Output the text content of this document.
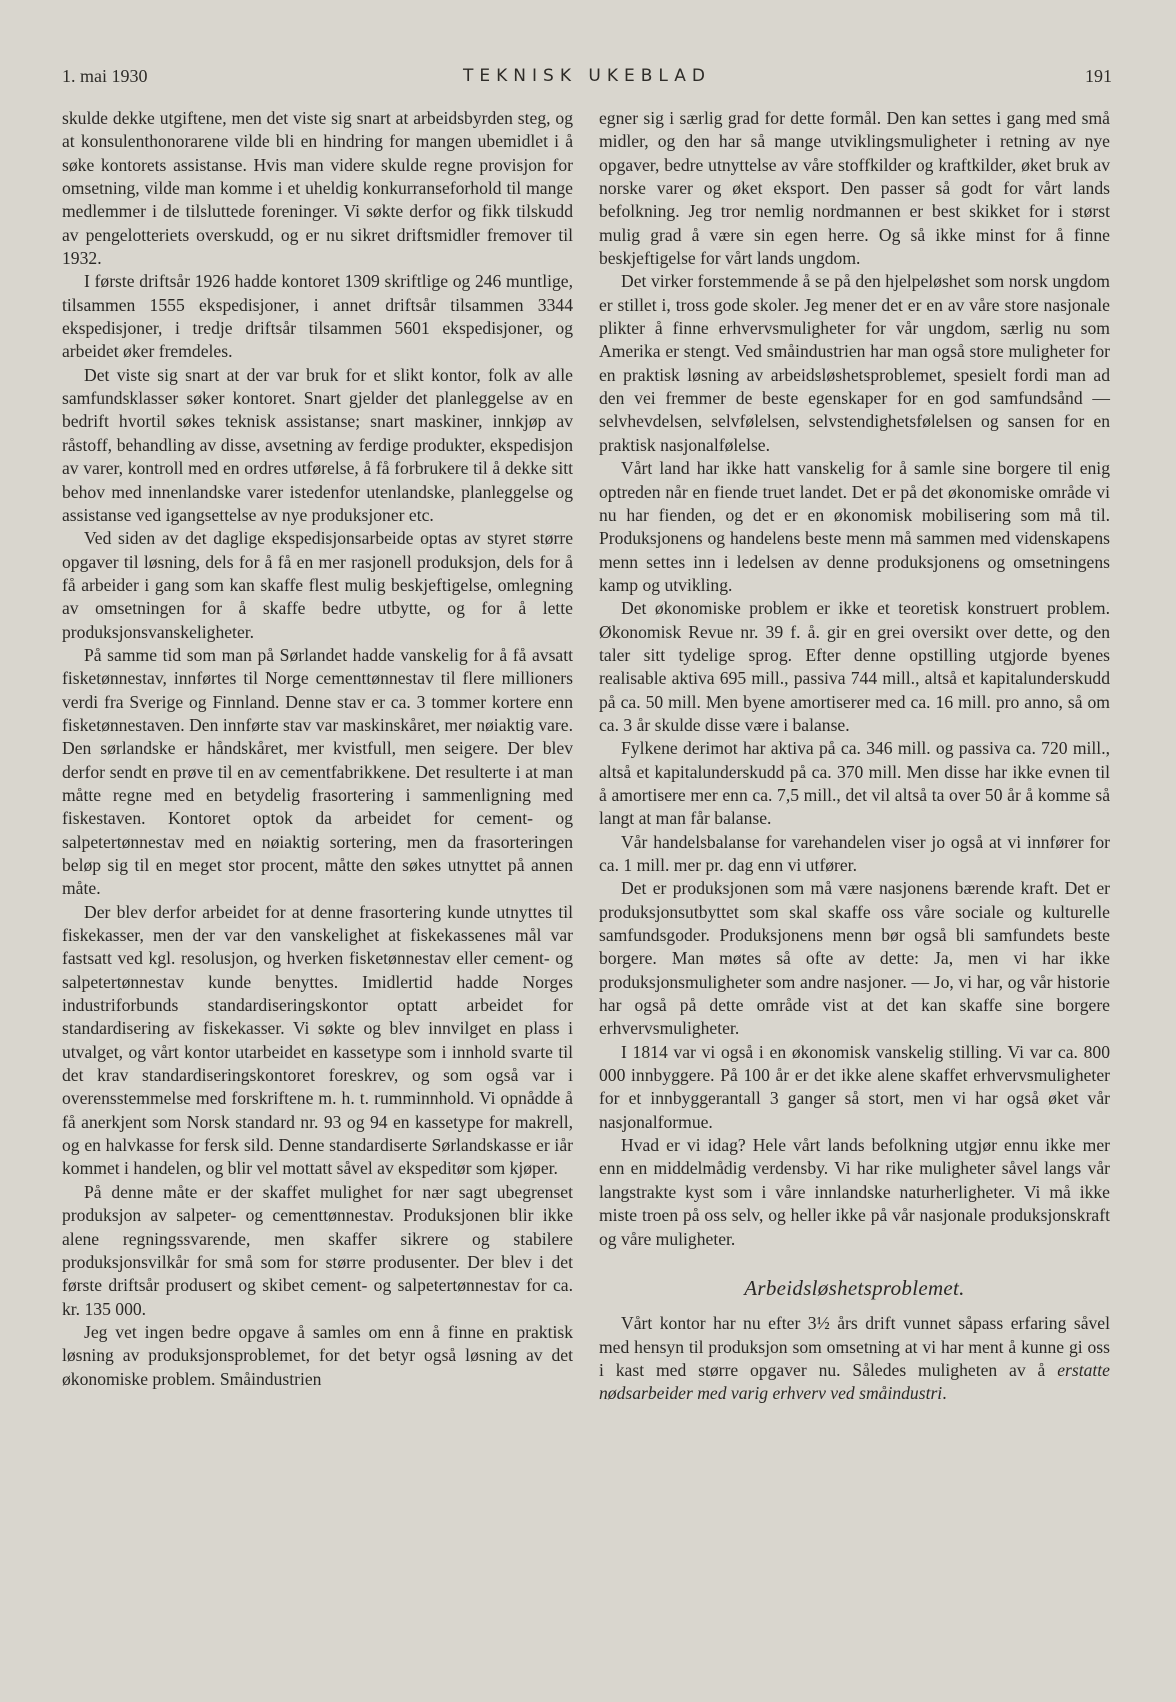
1. mai 1930	TEKNISK UKEBLAD	191

skulde dekke utgiftene, men det viste sig snart at arbeidsbyrden steg, og at konsulenthonorarene vilde bli en hindring for mangen ubemidlet i å søke kontorets assistanse. Hvis man videre skulde regne provisjon for omsetning, vilde man komme i et uheldig konkurranseforhold til mange medlemmer i de tilsluttede foreninger. Vi søkte derfor og fikk tilskudd av pengelotteriets overskudd, og er nu sikret driftsmidler fremover til 1932.

I første driftsår 1926 hadde kontoret 1309 skriftlige og 246 muntlige, tilsammen 1555 ekspedisjoner, i annet driftsår tilsammen 3344 ekspedisjoner, i tredje driftsår tilsammen 5601 ekspedisjoner, og arbeidet øker fremdeles.

Det viste sig snart at der var bruk for et slikt kontor, folk av alle samfundsklasser søker kontoret. Snart gjelder det planleggelse av en bedrift hvortil søkes teknisk assistanse; snart maskiner, innkjøp av råstoff, behandling av disse, avsetning av ferdige produkter, ekspedisjon av varer, kontroll med en ordres utførelse, å få forbrukere til å dekke sitt behov med innenlandske varer istedenfor utenlandske, planleggelse og assistanse ved igangsettelse av nye produksjoner etc.

Ved siden av det daglige ekspedisjonsarbeide optas av styret større opgaver til løsning, dels for å få en mer rasjonell produksjon, dels for å få arbeider i gang som kan skaffe flest mulig beskjeftigelse, omlegning av omsetningen for å skaffe bedre utbytte, og for å lette produksjonsvanskeligheter.

På samme tid som man på Sørlandet hadde vanskelig for å få avsatt fisketønnestav, innførtes til Norge cementtønnestav til flere millioners verdi fra Sverige og Finnland. Denne stav er ca. 3 tommer kortere enn fisketønnestaven. Den innførte stav var maskinskåret, mer nøiaktig vare. Den sørlandske er håndskåret, mer kvistfull, men seigere. Der blev derfor sendt en prøve til en av cementfabrikkene. Det resulterte i at man måtte regne med en betydelig frasortering i sammenligning med fiskestaven. Kontoret optok da arbeidet for cement- og salpetertønnestav med en nøiaktig sortering, men da frasorteringen beløp sig til en meget stor procent, måtte den søkes utnyttet på annen måte.

Der blev derfor arbeidet for at denne frasortering kunde utnyttes til fiskekasser, men der var den vanskelighet at fiskekassenes mål var fastsatt ved kgl. resolusjon, og hverken fisketønnestav eller cement- og salpetertønnestav kunde benyttes. Imidlertid hadde Norges industriforbunds standardiseringskontor optatt arbeidet for standardisering av fiskekasser. Vi søkte og blev innvilget en plass i utvalget, og vårt kontor utarbeidet en kassetype som i innhold svarte til det krav standardiseringskontoret foreskrev, og som også var i overensstemmelse med forskriftene m. h. t. rumminnhold. Vi opnådde å få anerkjent som Norsk standard nr. 93 og 94 en kassetype for makrell, og en halvkasse for fersk sild. Denne standardiserte Sørlandskasse er iår kommet i handelen, og blir vel mottatt såvel av ekspeditør som kjøper.

På denne måte er der skaffet mulighet for nær sagt ubegrenset produksjon av salpeter- og cementtønnestav. Produksjonen blir ikke alene regningssvarende, men skaffer sikrere og stabilere produksjonsvilkår for små som for større produsenter. Der blev i det første driftsår produsert og skibet cement- og salpetertønnestav for ca. kr. 135 000.

Jeg vet ingen bedre opgave å samles om enn å finne en praktisk løsning av produksjonsproblemet, for det betyr også løsning av det økonomiske problem. Småindustrien

egner sig i særlig grad for dette formål. Den kan settes i gang med små midler, og den har så mange utviklingsmuligheter i retning av nye opgaver, bedre utnyttelse av våre stoffkilder og kraftkilder, øket bruk av norske varer og øket eksport. Den passer så godt for vårt lands befolkning. Jeg tror nemlig nordmannen er best skikket for i størst mulig grad å være sin egen herre. Og så ikke minst for å finne beskjeftigelse for vårt lands ungdom.

Det virker forstemmende å se på den hjelpeløshet som norsk ungdom er stillet i, tross gode skoler. Jeg mener det er en av våre store nasjonale plikter å finne erhvervsmuligheter for vår ungdom, særlig nu som Amerika er stengt. Ved småindustrien har man også store muligheter for en praktisk løsning av arbeidsløshetsproblemet, spesielt fordi man ad den vei fremmer de beste egenskaper for en god samfundsånd — selvhevdelsen, selvfølelsen, selvstendighetsfølelsen og sansen for en praktisk nasjonalfølelse.

Vårt land har ikke hatt vanskelig for å samle sine borgere til enig optreden når en fiende truet landet. Det er på det økonomiske område vi nu har fienden, og det er en økonomisk mobilisering som må til. Produksjonens og handelens beste menn må sammen med videnskapens menn settes inn i ledelsen av denne produksjonens og omsetningens kamp og utvikling.

Det økonomiske problem er ikke et teoretisk konstruert problem. Økonomisk Revue nr. 39 f. å. gir en grei oversikt over dette, og den taler sitt tydelige sprog. Efter denne opstilling utgjorde byenes realisable aktiva 695 mill., passiva 744 mill., altså et kapitalunderskudd på ca. 50 mill. Men byene amortiserer med ca. 16 mill. pro anno, så om ca. 3 år skulde disse være i balanse.

Fylkene derimot har aktiva på ca. 346 mill. og passiva ca. 720 mill., altså et kapitalunderskudd på ca. 370 mill. Men disse har ikke evnen til å amortisere mer enn ca. 7,5 mill., det vil altså ta over 50 år å komme så langt at man får balanse.

Vår handelsbalanse for varehandelen viser jo også at vi innfører for ca. 1 mill. mer pr. dag enn vi utfører.

Det er produksjonen som må være nasjonens bærende kraft. Det er produksjonsutbyttet som skal skaffe oss våre sociale og kulturelle samfundsgoder. Produksjonens menn bør også bli samfundets beste borgere. Man møtes så ofte av dette: Ja, men vi har ikke produksjonsmuligheter som andre nasjoner. — Jo, vi har, og vår historie har også på dette område vist at det kan skaffe sine borgere erhvervsmuligheter.

I 1814 var vi også i en økonomisk vanskelig stilling. Vi var ca. 800 000 innbyggere. På 100 år er det ikke alene skaffet erhvervsmuligheter for et innbyggerantall 3 ganger så stort, men vi har også øket vår nasjonalformue.

Hvad er vi idag? Hele vårt lands befolkning utgjør ennu ikke mer enn en middelmådig verdensby. Vi har rike muligheter såvel langs vår langstrakte kyst som i våre innlandske naturherligheter. Vi må ikke miste troen på oss selv, og heller ikke på vår nasjonale produksjonskraft og våre muligheter.

Arbeidsløshetsproblemet.

Vårt kontor har nu efter 3½ års drift vunnet såpass erfaring såvel med hensyn til produksjon som omsetning at vi har ment å kunne gi oss i kast med større opgaver nu. Således muligheten av å erstatte nødsarbeider med varig erhverv ved småindustri.
